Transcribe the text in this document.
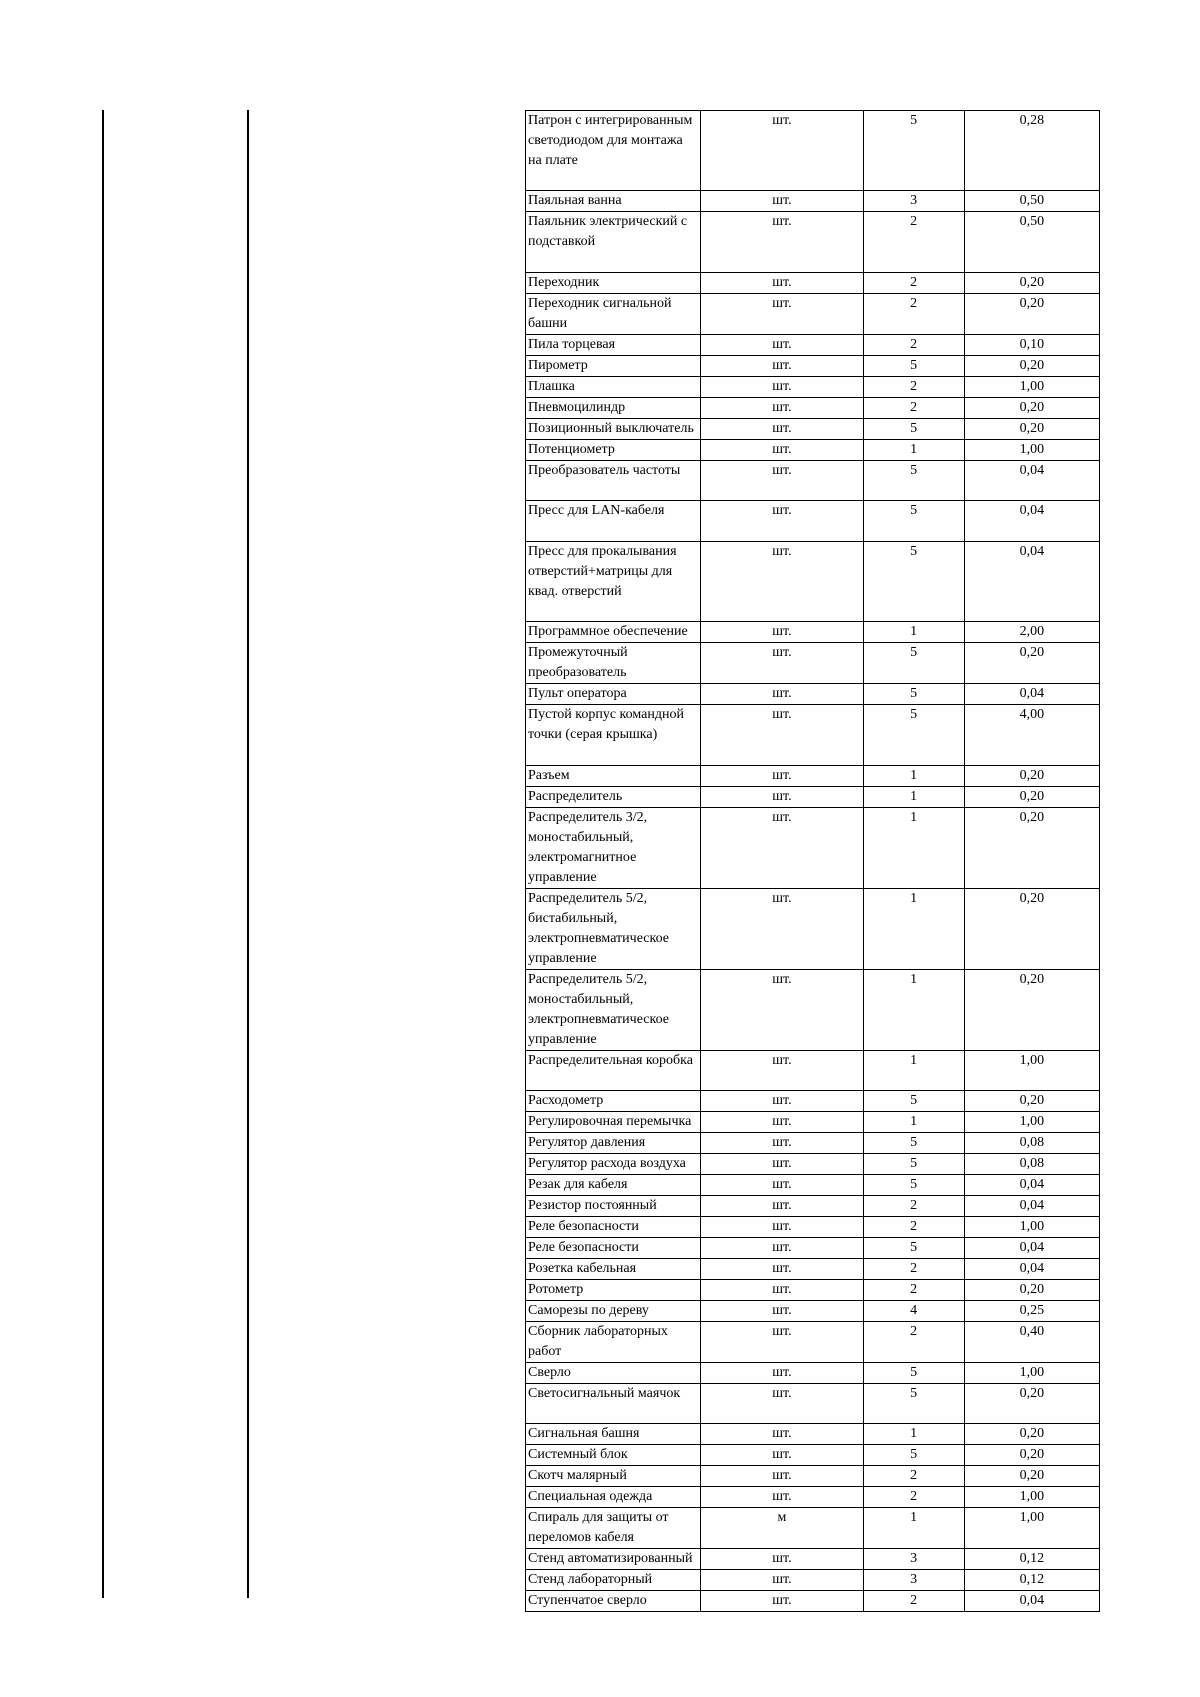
Патрон с интегрированным светодиодом для монтажа на плате	шт.	5	0,28
Паяльная ванна	шт.	3	0,50
Паяльник электрический с подставкой	шт.	2	0,50
Переходник	шт.	2	0,20
Переходник сигнальной башни	шт.	2	0,20
Пила торцевая	шт.	2	0,10
Пирометр	шт.	5	0,20
Плашка	шт.	2	1,00
Пневмоцилиндр	шт.	2	0,20
Позиционный выключатель	шт.	5	0,20
Потенциометр	шт.	1	1,00
Преобразователь частоты	шт.	5	0,04
Пресс для LAN-кабеля	шт.	5	0,04
Пресс для прокалывания отверстий+матрицы для квад. отверстий	шт.	5	0,04
Программное обеспечение	шт.	1	2,00
Промежуточный преобразователь	шт.	5	0,20
Пульт оператора	шт.	5	0,04
Пустой корпус командной точки (серая крышка)	шт.	5	4,00
Разъем	шт.	1	0,20
Распределитель	шт.	1	0,20
Распределитель 3/2, моностабильный, электромагнитное управление	шт.	1	0,20
Распределитель 5/2, бистабильный, электропневматическое управление	шт.	1	0,20
Распределитель 5/2, моностабильный, электропневматическое управление	шт.	1	0,20
Распределительная коробка	шт.	1	1,00
Расходометр	шт.	5	0,20
Регулировочная перемычка	шт.	1	1,00
Регулятор давления	шт.	5	0,08
Регулятор расхода воздуха	шт.	5	0,08
Резак для кабеля	шт.	5	0,04
Резистор постоянный	шт.	2	0,04
Реле безопасности	шт.	2	1,00
Реле безопасности	шт.	5	0,04
Розетка кабельная	шт.	2	0,04
Ротометр	шт.	2	0,20
Саморезы по дереву	шт.	4	0,25
Сборник лабораторных работ	шт.	2	0,40
Сверло	шт.	5	1,00
Светосигнальный маячок	шт.	5	0,20
Сигнальная башня	шт.	1	0,20
Системный блок	шт.	5	0,20
Скотч малярный	шт.	2	0,20
Специальная одежда	шт.	2	1,00
Спираль для защиты от переломов кабеля	м	1	1,00
Стенд автоматизированный	шт.	3	0,12
Стенд лабораторный	шт.	3	0,12
Ступенчатое сверло	шт.	2	0,04
